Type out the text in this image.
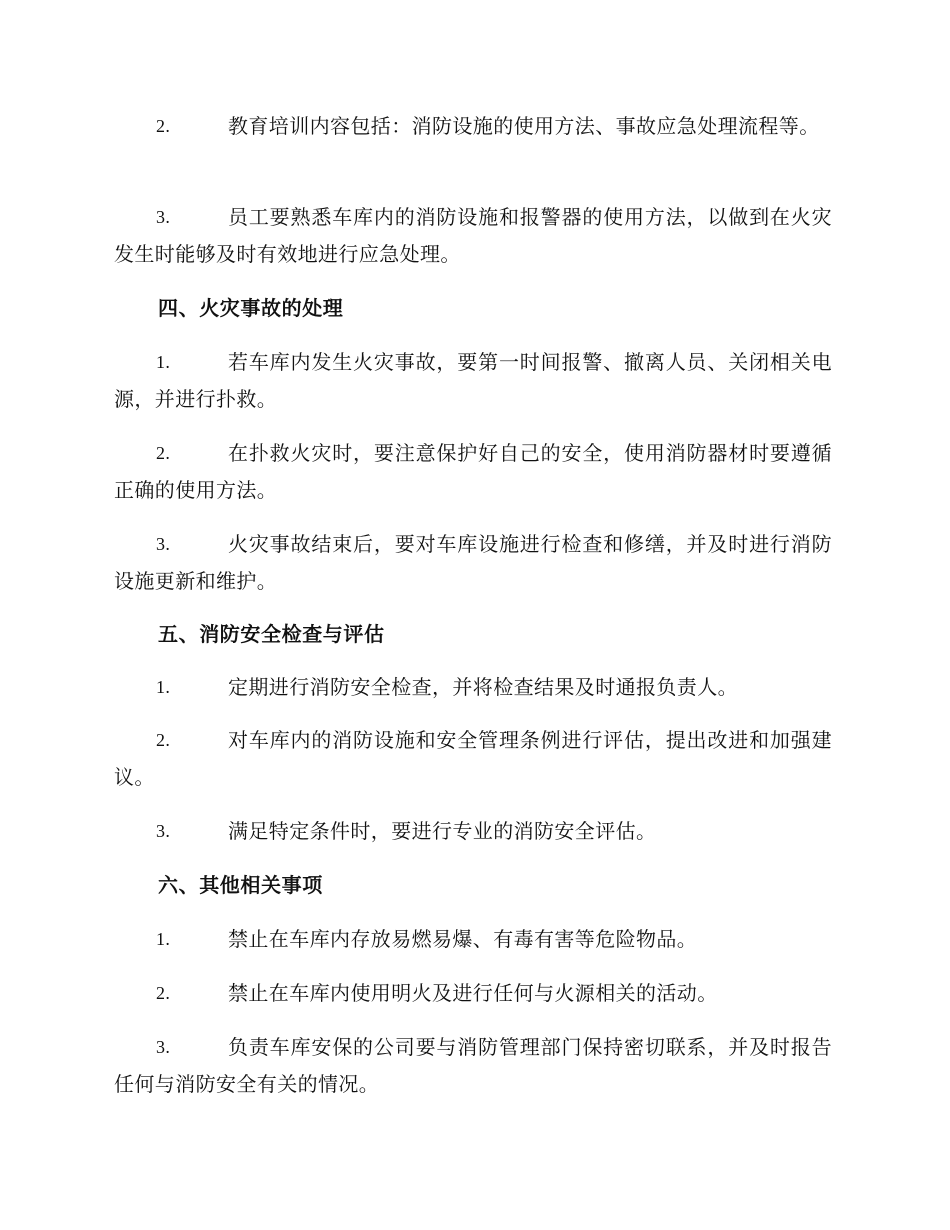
2.	教育培训内容包括：消防设施的使用方法、事故应急处理流程等。
3.	员工要熟悉车库内的消防设施和报警器的使用方法，以做到在火灾发生时能够及时有效地进行应急处理。
四、火灾事故的处理
1.	若车库内发生火灾事故，要第一时间报警、撤离人员、关闭相关电源，并进行扑救。
2.	在扑救火灾时，要注意保护好自己的安全，使用消防器材时要遵循正确的使用方法。
3.	火灾事故结束后，要对车库设施进行检查和修缮，并及时进行消防设施更新和维护。
五、消防安全检查与评估
1.	定期进行消防安全检查，并将检查结果及时通报负责人。
2.	对车库内的消防设施和安全管理条例进行评估，提出改进和加强建议。
3.	满足特定条件时，要进行专业的消防安全评估。
六、其他相关事项
1.	禁止在车库内存放易燃易爆、有毒有害等危险物品。
2.	禁止在车库内使用明火及进行任何与火源相关的活动。
3.	负责车库安保的公司要与消防管理部门保持密切联系，并及时报告任何与消防安全有关的情况。
